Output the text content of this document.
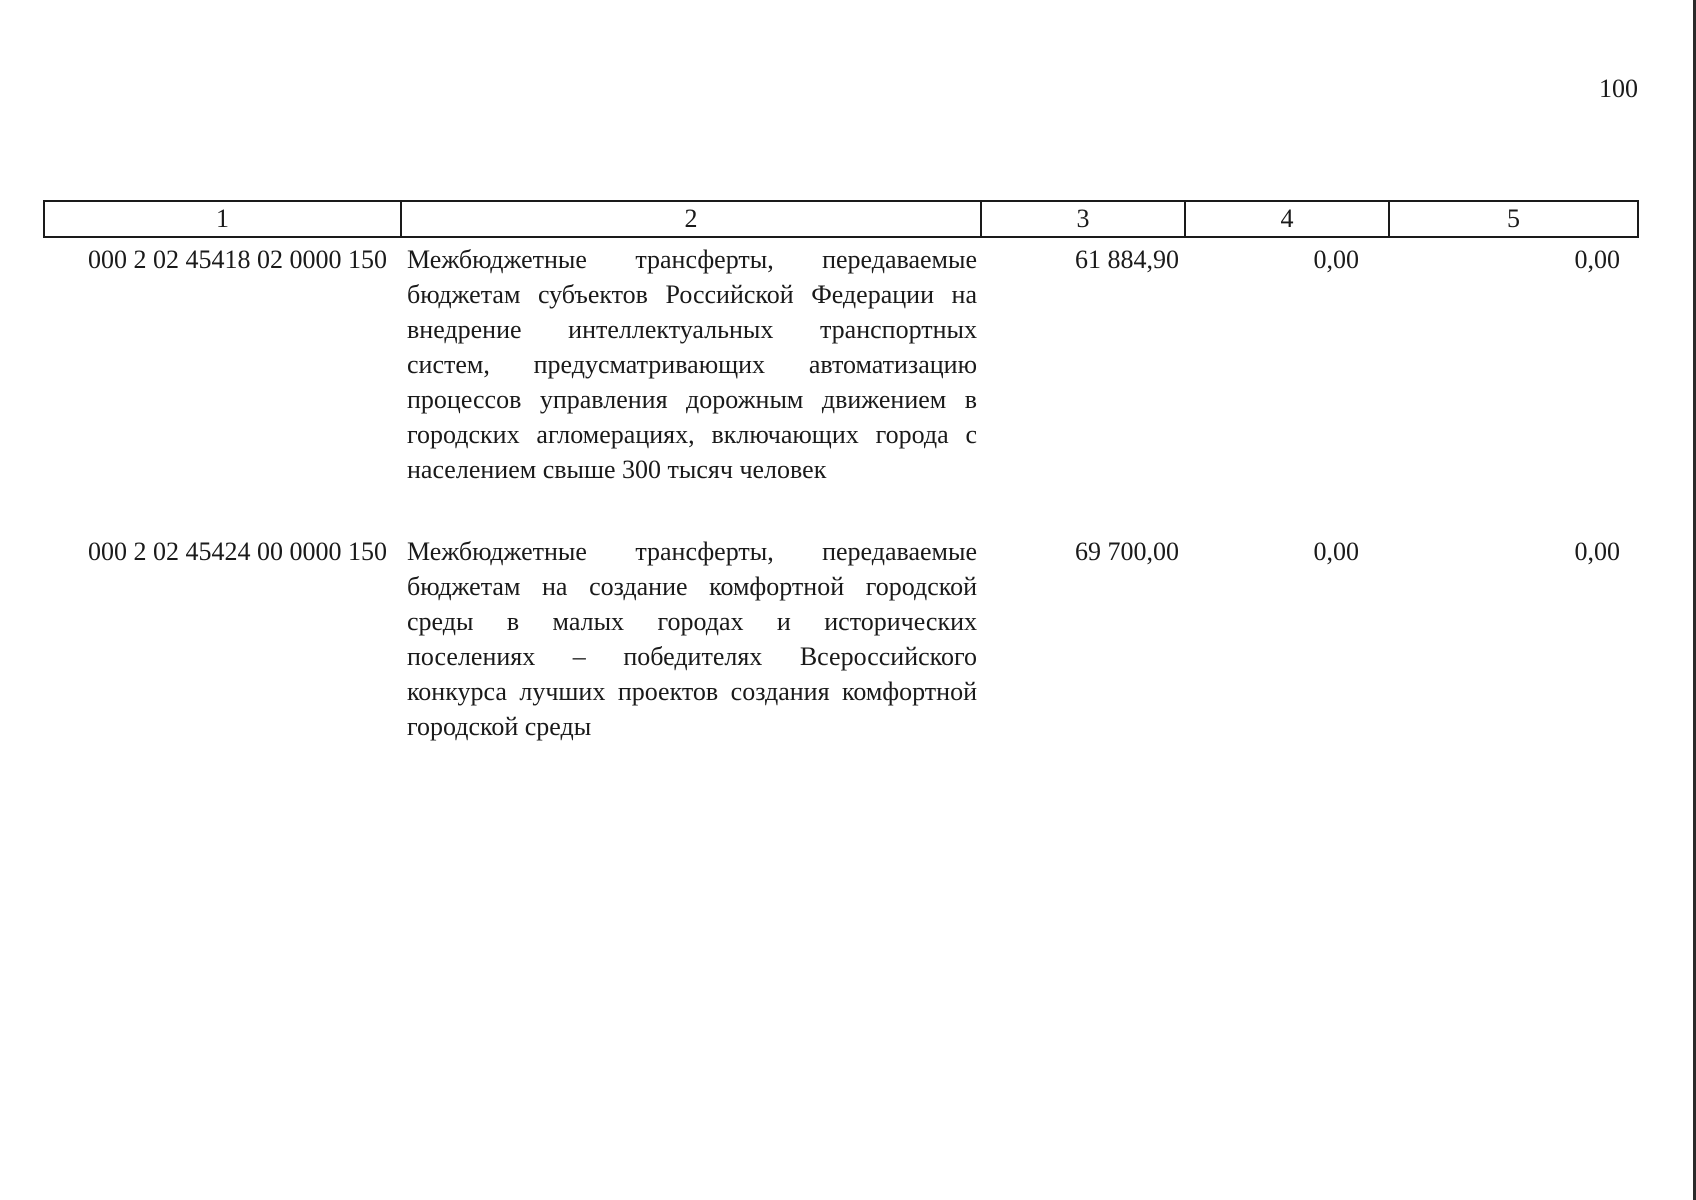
100
1	2	3	4	5
000 2 02 45418 02 0000 150	Межбюджетные трансферты, передаваемые бюджетам субъектов Российской Федерации на внедрение интеллектуальных транспортных систем, предусматривающих автоматизацию процессов управления дорожным движением в городских агломерациях, включающих города с населением свыше 300 тысяч человек	61 884,90	0,00	0,00
000 2 02 45424 00 0000 150	Межбюджетные трансферты, передаваемые бюджетам на создание комфортной городской среды в малых городах и исторических поселениях – победителях Всероссийского конкурса лучших проектов создания комфортной городской среды	69 700,00	0,00	0,00
